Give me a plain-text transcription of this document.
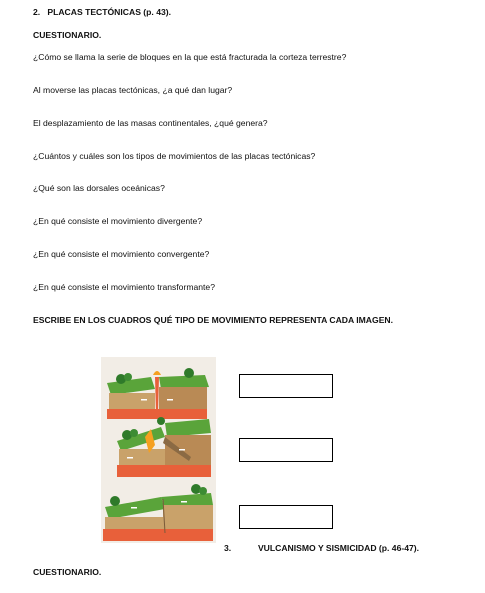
2. PLACAS TECTÓNICAS (p. 43).
CUESTIONARIO.
¿Cómo se llama la serie de bloques en la que está fracturada la corteza terrestre?
Al moverse las placas tectónicas, ¿a qué dan lugar?
El desplazamiento de las masas continentales, ¿qué genera?
¿Cuántos y cuáles son los tipos de movimientos de las placas tectónicas?
¿Qué son las dorsales oceánicas?
¿En qué consiste el movimiento divergente?
¿En qué consiste el movimiento convergente?
¿En qué consiste el movimiento transformante?
ESCRIBE EN LOS CUADROS QUÉ TIPO DE MOVIMIENTO REPRESENTA CADA IMAGEN.
3.	VULCANISMO Y SISMICIDAD (p. 46-47).
CUESTIONARIO.
